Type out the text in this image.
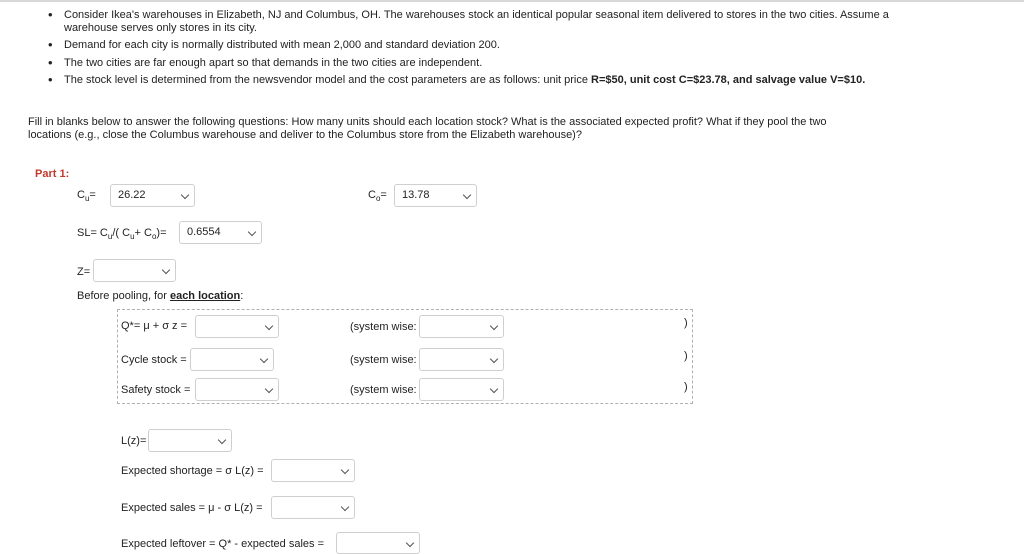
• Consider Ikea's warehouses in Elizabeth, NJ and Columbus, OH. The warehouses stock an identical popular seasonal item delivered to stores in the two cities. Assume a warehouse serves only stores in its city.
• Demand for each city is normally distributed with mean 2,000 and standard deviation 200.
• The two cities are far enough apart so that demands in the two cities are independent.
• The stock level is determined from the newsvendor model and the cost parameters are as follows: unit price R=$50, unit cost C=$23.78, and salvage value V=$10.
Fill in blanks below to answer the following questions: How many units should each location stock? What is the associated expected profit? What if they pool the two locations (e.g., close the Columbus warehouse and deliver to the Columbus store from the Elizabeth warehouse)?
Part 1:
$C_u=$	26.22	$C_o=$	13.78
$SL= C_u/$( $C_u+ C_o)=$	0.6554
Z=
Before pooling, for each location:
Q*= μ + σ z =	(system wise:	)
Cycle stock =	(system wise:	)
Safety stock =	(system wise:	)
L(z)=
Expected shortage = σ L(z) =
Expected sales = μ - σ L(z) =
Expected leftover = Q* - expected sales =
